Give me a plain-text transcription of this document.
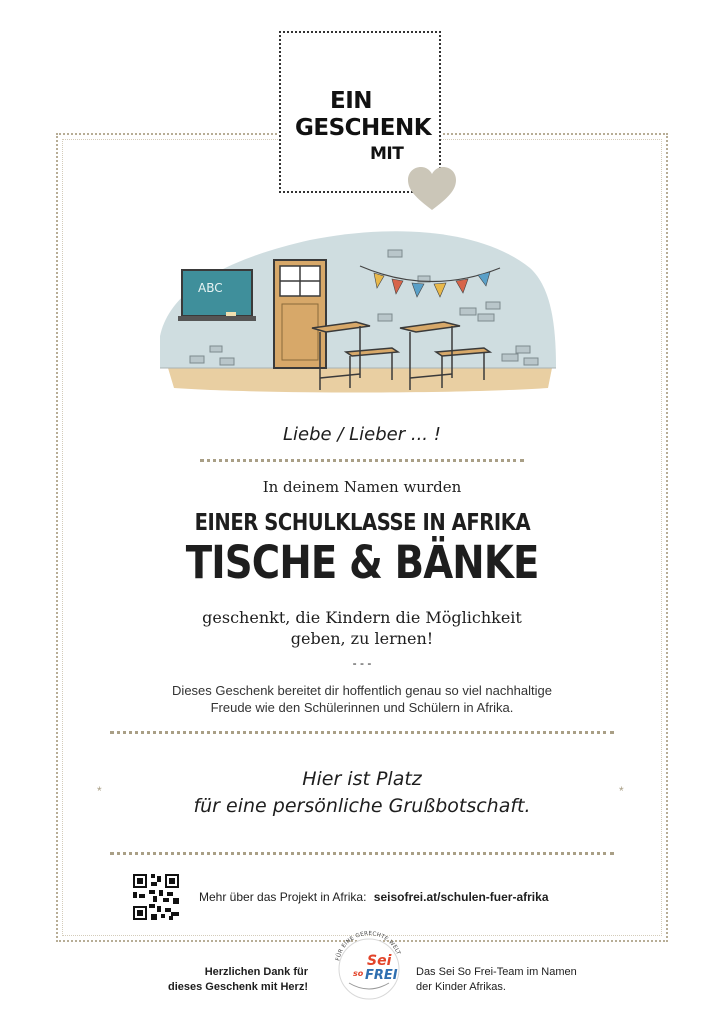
EIN
GESCHENK
MIT
ABC
Liebe / Lieber ... !
In deinem Namen wurden
EINER SCHULKLASSE IN AFRIKA
TISCHE & BÄNKE
geschenkt, die Kindern die Möglichkeit
geben, zu lernen!
- - -
Dieses Geschenk bereitet dir hoffentlich genau so viel nachhaltige
Freude wie den Schülerinnen und Schülern in Afrika.
*	*
Hier ist Platz
für eine persönliche Grußbotschaft.
Mehr über das Projekt in Afrika: seisofrei.at/schulen-fuer-afrika
Herzlichen Dank für
dieses Geschenk mit Herz!
FÜR EINE GERECHTE WELT
Sei
so FREI Das Sei So Frei-Team im Namen
der Kinder Afrikas.
